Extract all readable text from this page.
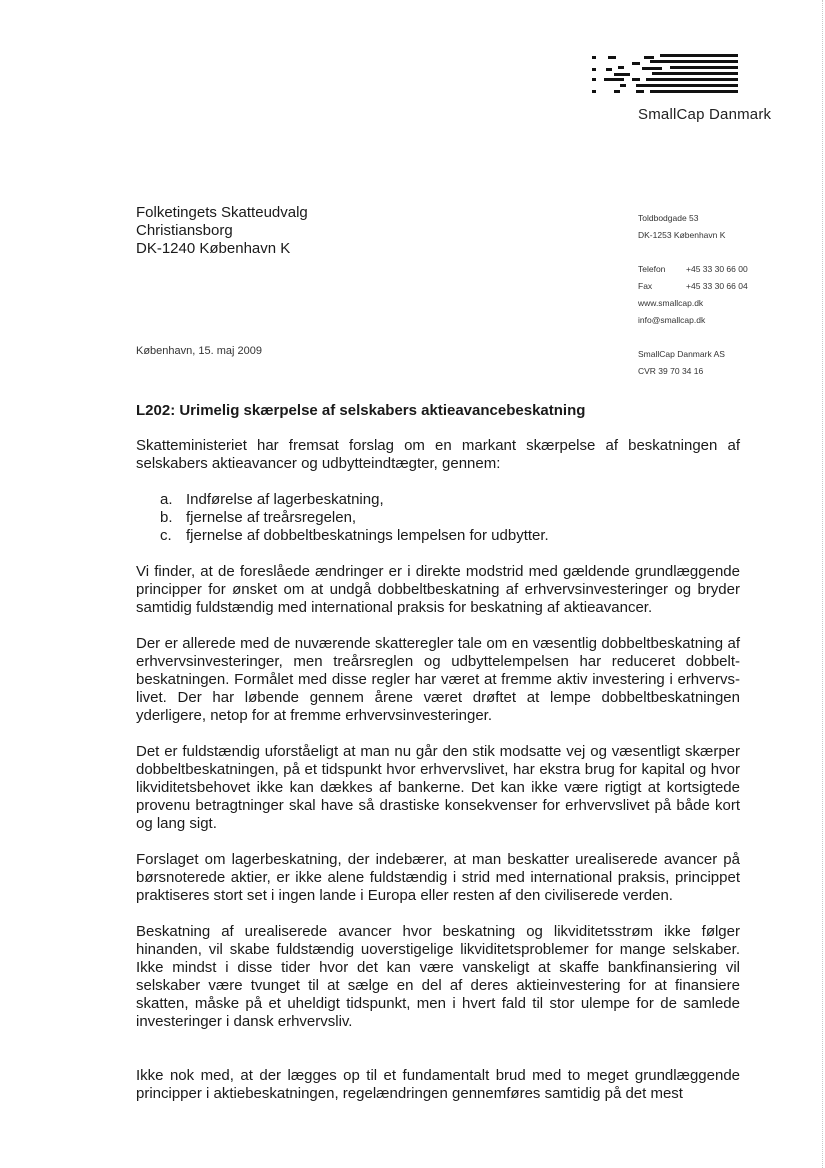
SmallCap Danmark
Folketingets Skatteudvalg
Christiansborg
DK-1240 København K
Toldbodgade 53
DK-1253 København K
Telefon +45 33 30 66 00
Fax	+45 33 30 66 04
www.smallcap.dk
info@smallcap.dk
SmallCap Danmark AS
CVR 39 70 34 16
København, 15. maj 2009
L202: Urimelig skærpelse af selskabers aktieavancebeskatning

Skatteministeriet har fremsat forslag om en markant skærpelse af beskatningen af selskabers aktieavancer og udbytteindtægter, gennem:

a. Indførelse af lagerbeskatning,
b. fjernelse af treårsregelen,
c. fjernelse af dobbeltbeskatnings lempelsen for udbytter.

Vi finder, at de foreslåede ændringer er i direkte modstrid med gældende grundlæggende principper for ønsket om at undgå dobbeltbeskatning af erhvervsinvesteringer og bryder samtidig fuldstændig med international praksis for beskatning af aktieavancer.

Der er allerede med de nuværende skatteregler tale om en væsentlig dobbeltbeskatning af erhvervsinvesteringer, men treårsreglen og udbyttelempelsen har reduceret dobbelt-beskatningen. Formålet med disse regler har været at fremme aktiv investering i erhvervs-livet. Der har løbende gennem årene været drøftet at lempe dobbeltbeskatningen yderligere, netop for at fremme erhvervsinvesteringer.

Det er fuldstændig uforståeligt at man nu går den stik modsatte vej og væsentligt skærper dobbeltbeskatningen, på et tidspunkt hvor erhvervslivet, har ekstra brug for kapital og hvor likviditetsbehovet ikke kan dækkes af bankerne. Det kan ikke være rigtigt at kortsigtede provenu betragtninger skal have så drastiske konsekvenser for erhvervslivet på både kort og lang sigt.

Forslaget om lagerbeskatning, der indebærer, at man beskatter urealiserede avancer på børsnoterede aktier, er ikke alene fuldstændig i strid med international praksis, princippet praktiseres stort set i ingen lande i Europa eller resten af den civiliserede verden.

Beskatning af urealiserede avancer hvor beskatning og likviditetsstrøm ikke følger hinanden, vil skabe fuldstændig uoverstigelige likviditetsproblemer for mange selskaber. Ikke mindst i disse tider hvor det kan være vanskeligt at skaffe bankfinansiering vil selskaber være tvunget til at sælge en del af deres aktieinvestering for at finansiere skatten, måske på et uheldigt tidspunkt, men i hvert fald til stor ulempe for de samlede investeringer i dansk erhvervsliv.

Ikke nok med, at der lægges op til et fundamentalt brud med to meget grundlæggende principper i aktiebeskatningen, regelændringen gennemføres samtidig på det mest
